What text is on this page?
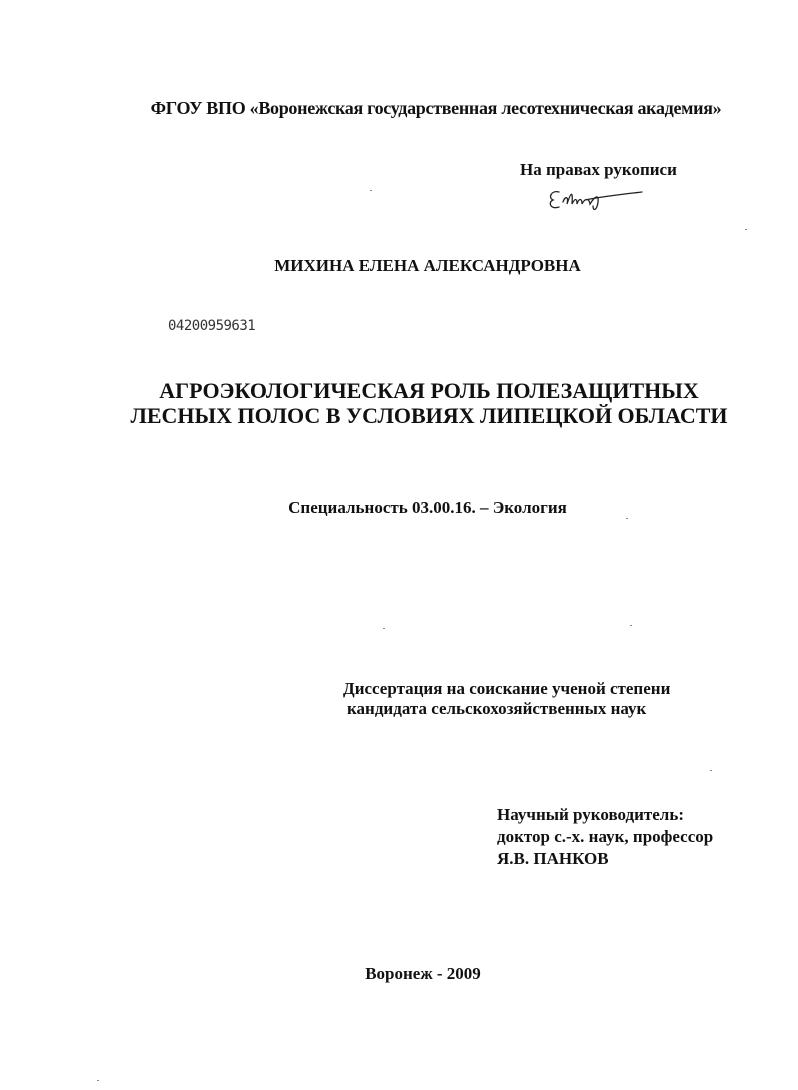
ФГОУ ВПО «Воронежская государственная лесотехническая академия»
На правах рукописи
МИХИНА ЕЛЕНА АЛЕКСАНДРОВНА
04200959631
АГРОЭКОЛОГИЧЕСКАЯ РОЛЬ ПОЛЕЗАЩИТНЫХ
ЛЕСНЫХ ПОЛОС В УСЛОВИЯХ ЛИПЕЦКОЙ ОБЛАСТИ
Специальность 03.00.16. – Экология
Диссертация на соискание ученой степени
кандидата сельскохозяйственных наук
Научный руководитель:
доктор с.-х. наук, профессор
Я.В. ПАНКОВ
Воронеж - 2009
